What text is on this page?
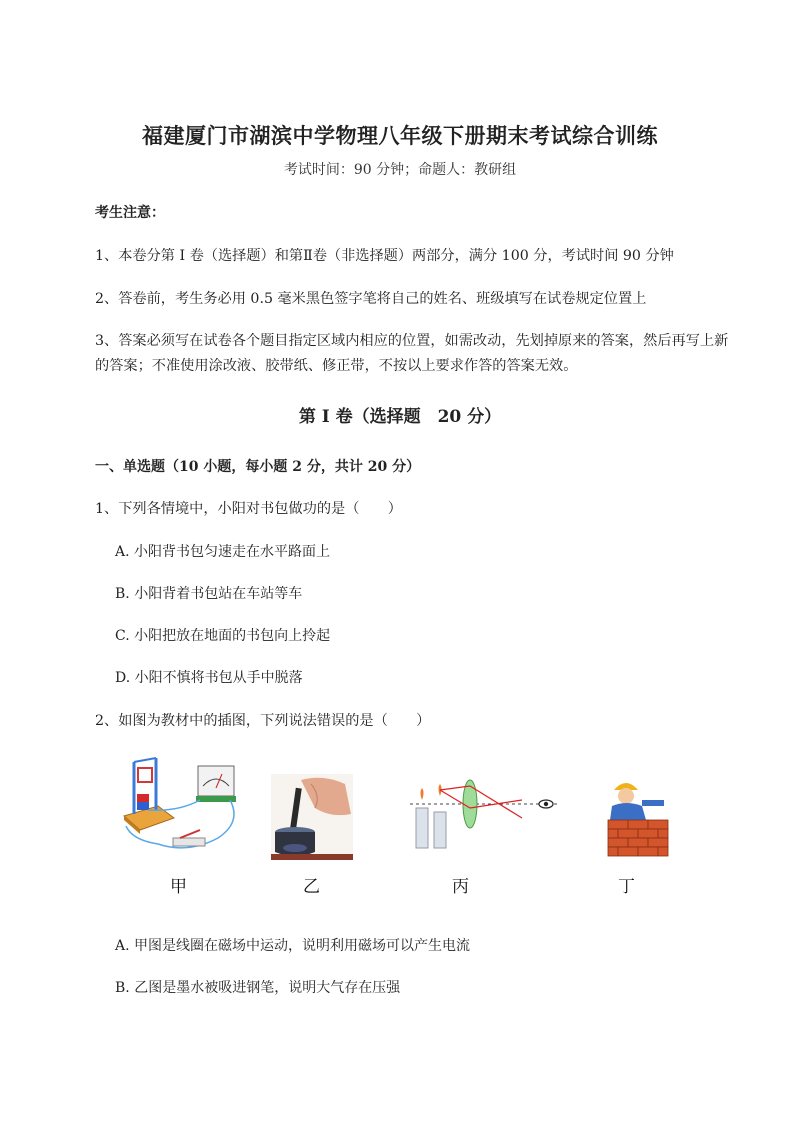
福建厦门市湖滨中学物理八年级下册期末考试综合训练
考试时间：90 分钟；命题人：教研组
考生注意：
1、本卷分第 I 卷（选择题）和第Ⅱ卷（非选择题）两部分，满分 100 分，考试时间 90 分钟
2、答卷前，考生务必用 0.5 毫米黑色签字笔将自己的姓名、班级填写在试卷规定位置上
3、答案必须写在试卷各个题目指定区域内相应的位置，如需改动，先划掉原来的答案，然后再写上新
的答案；不准使用涂改液、胶带纸、修正带，不按以上要求作答的答案无效。
第 I 卷（选择题　20 分）
一、单选题（10 小题，每小题 2 分，共计 20 分）
1、下列各情境中，小阳对书包做功的是（　　）
A. 小阳背书包匀速走在水平路面上
B. 小阳背着书包站在车站等车
C. 小阳把放在地面的书包向上拎起
D. 小阳不慎将书包从手中脱落
2、如图为教材中的插图，下列说法错误的是（　　）
甲	乙	丙	丁
A. 甲图是线圈在磁场中运动，说明利用磁场可以产生电流
B. 乙图是墨水被吸进钢笔，说明大气存在压强
